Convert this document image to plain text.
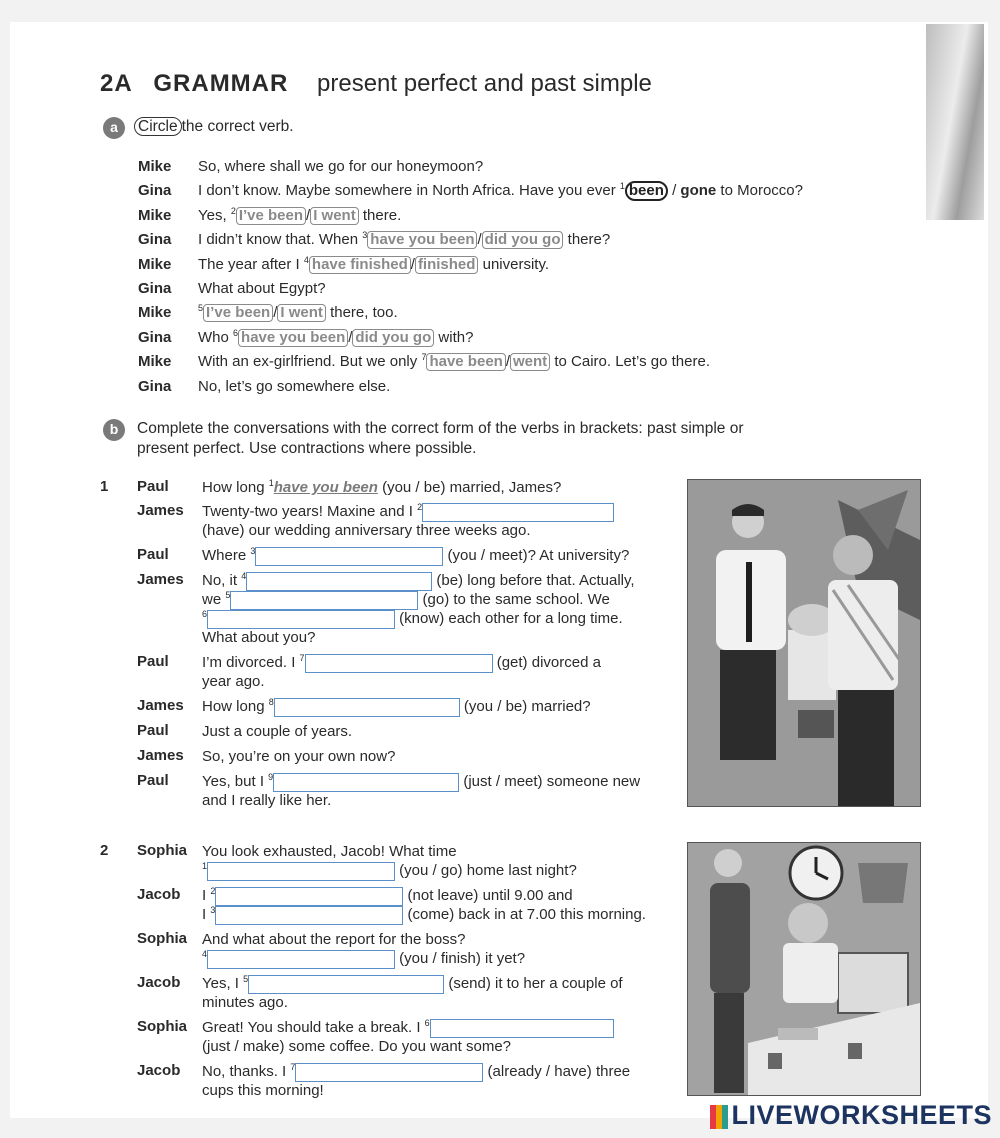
2A GRAMMAR present perfect and past simple
a	Circle the correct verb.
Mike So, where shall we go for our honeymoon?
Gina I don’t know. Maybe somewhere in North Africa. Have you ever $^1$ been / gone to Morocco?
Mike Yes, $^2$ I’ve been / I went there.
Gina I didn’t know that. When $^3$ have you been / did you go there?
Mike The year after I $^4$ have finished / finished university.
Gina What about Egypt?
Mike	$^5$ I’ve been / I went there, too.
Gina Who $^6$ have you been / did you go with?
Mike With an ex-girlfriend. But we only $^7$ have been / went to Cairo. Let’s go there.
Gina No, let’s go somewhere else.
b	Complete the conversations with the correct form of the verbs in brackets: past simple or
present perfect. Use contractions where possible.
1 Paul How long $^1$have you been (you / be) married, James?
James Twenty-two years! Maxine and I $^2$
(have) our wedding anniversary three weeks ago.
Paul Where $^3$	(you / meet)? At university?
James No, it $^4$	(be) long before that. Actually,
we $^5$	(go) to the same school. We
$^6$	(know) each other for a long time.
What about you?
Paul I’m divorced. I $^7$	(get) divorced a
year ago.
James How long $^8$	(you / be) married?
Paul Just a couple of years.
James So, you’re on your own now?
Paul Yes, but I $^9$	(just / meet) someone new
and I really like her.
2 Sophia You look exhausted, Jacob! What time
$^1$	(you / go) home last night?
Jacob I $^2$	(not leave) until 9.00 and
I $^3$	(come) back in at 7.00 this morning.
Sophia And what about the report for the boss?
$^4$	(you / finish) it yet?
Jacob Yes, I $^5$	(send) it to her a couple of
minutes ago.
Sophia Great! You should take a break. I $^6$
(just / make) some coffee. Do you want some?
Jacob No, thanks. I $^7$	(already / have) three
cups this morning!
LIVEWORKSHEETS
